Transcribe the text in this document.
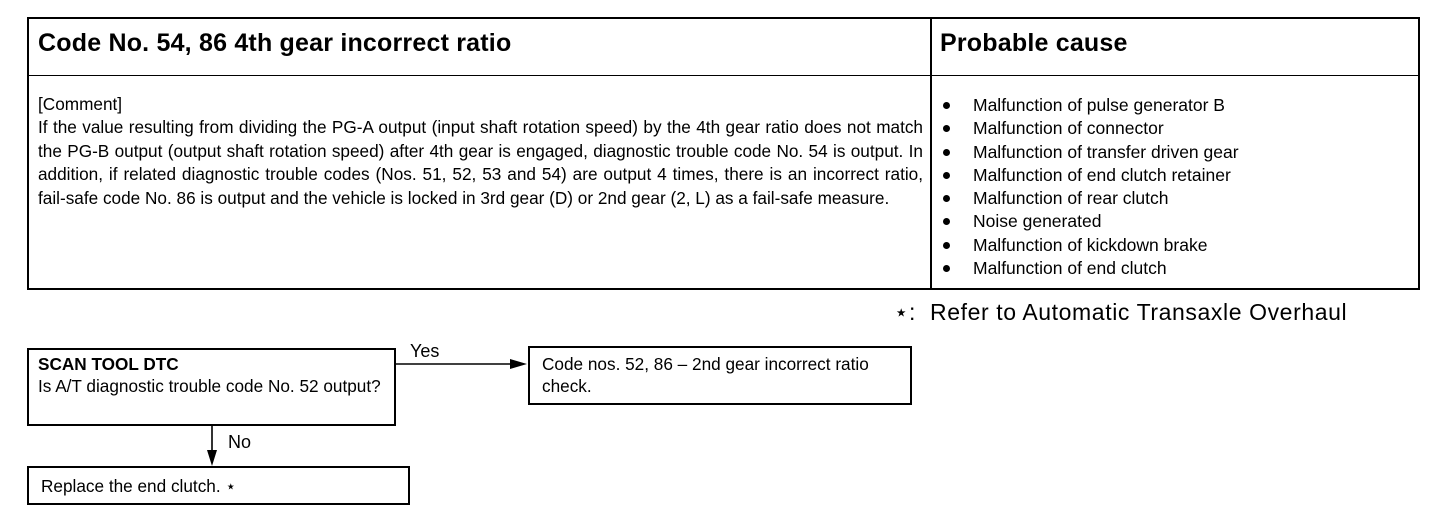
Code No. 54, 86 4th gear incorrect ratio	Probable cause
[Comment]
If the value resulting from dividing the PG-A output (input shaft rotation speed) by the 4th gear ratio does not match the PG-B output (output shaft rotation speed) after 4th gear is engaged, diagnostic trouble code No. 54 is output. In addition, if related diagnostic trouble codes (Nos. 51, 52, 53 and 54) are output 4 times, there is an incorrect ratio, fail-safe code No. 86 is output and the vehicle is locked in 3rd gear (D) or 2nd gear (2, L) as a fail-safe measure.
Malfunction of pulse generator B
Malfunction of connector
Malfunction of transfer driven gear
Malfunction of end clutch retainer
Malfunction of rear clutch
Noise generated
Malfunction of kickdown brake
Malfunction of end clutch
⋆: Refer to Automatic Transaxle Overhaul
SCAN TOOL DTC
Is A/T diagnostic trouble code No. 52 output?
Yes
No
Code nos. 52, 86 – 2nd gear incorrect ratio check.
Replace the end clutch. ⋆
